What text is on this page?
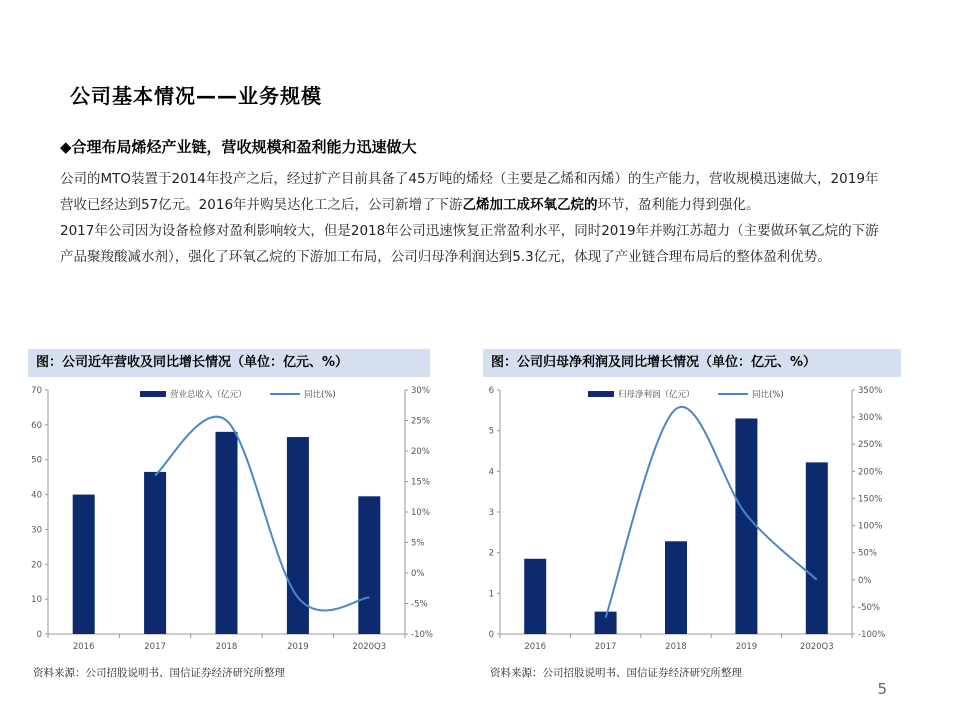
公司基本情况——业务规模
◆合理布局烯烃产业链，营收规模和盈利能力迅速做大

公司的MTO装置于2014年投产之后，经过扩产目前具备了45万吨的烯烃（主要是乙烯和丙烯）的生产能力，营收规模迅速做大，2019年营收已经达到57亿元。2016年并购昊达化工之后，公司新增了下游乙烯加工成环氧乙烷的环节，盈利能力得到强化。

2017年公司因为设备检修对盈利影响较大，但是2018年公司迅速恢复正常盈利水平，同时2019年并购江苏超力（主要做环氧乙烷的下游产品聚羧酸减水剂），强化了环氧乙烷的下游加工布局，公司归母净利润达到5.3亿元，体现了产业链合理布局后的整体盈利优势。

图：公司近年营收及同比增长情况（单位：亿元、%）
0
10
20
30
40
50
60
70
-10%
-5%
0%
5%
10%
15%
20%
25%
30%
2016	2017	2018	2019	2020Q3
营业总收入（亿元）	同比(%)
资料来源：公司招股说明书、国信证券经济研究所整理
图：公司归母净利润及同比增长情况（单位：亿元、%）
0
1
2
3
4
5
6
-100%
-50%
0%
50%
100%
150%
200%
250%
300%
350%
2016	2017	2018	2019	2020Q3
归母净利润（亿元）	同比(%)
资料来源：公司招股说明书、国信证券经济研究所整理
5
